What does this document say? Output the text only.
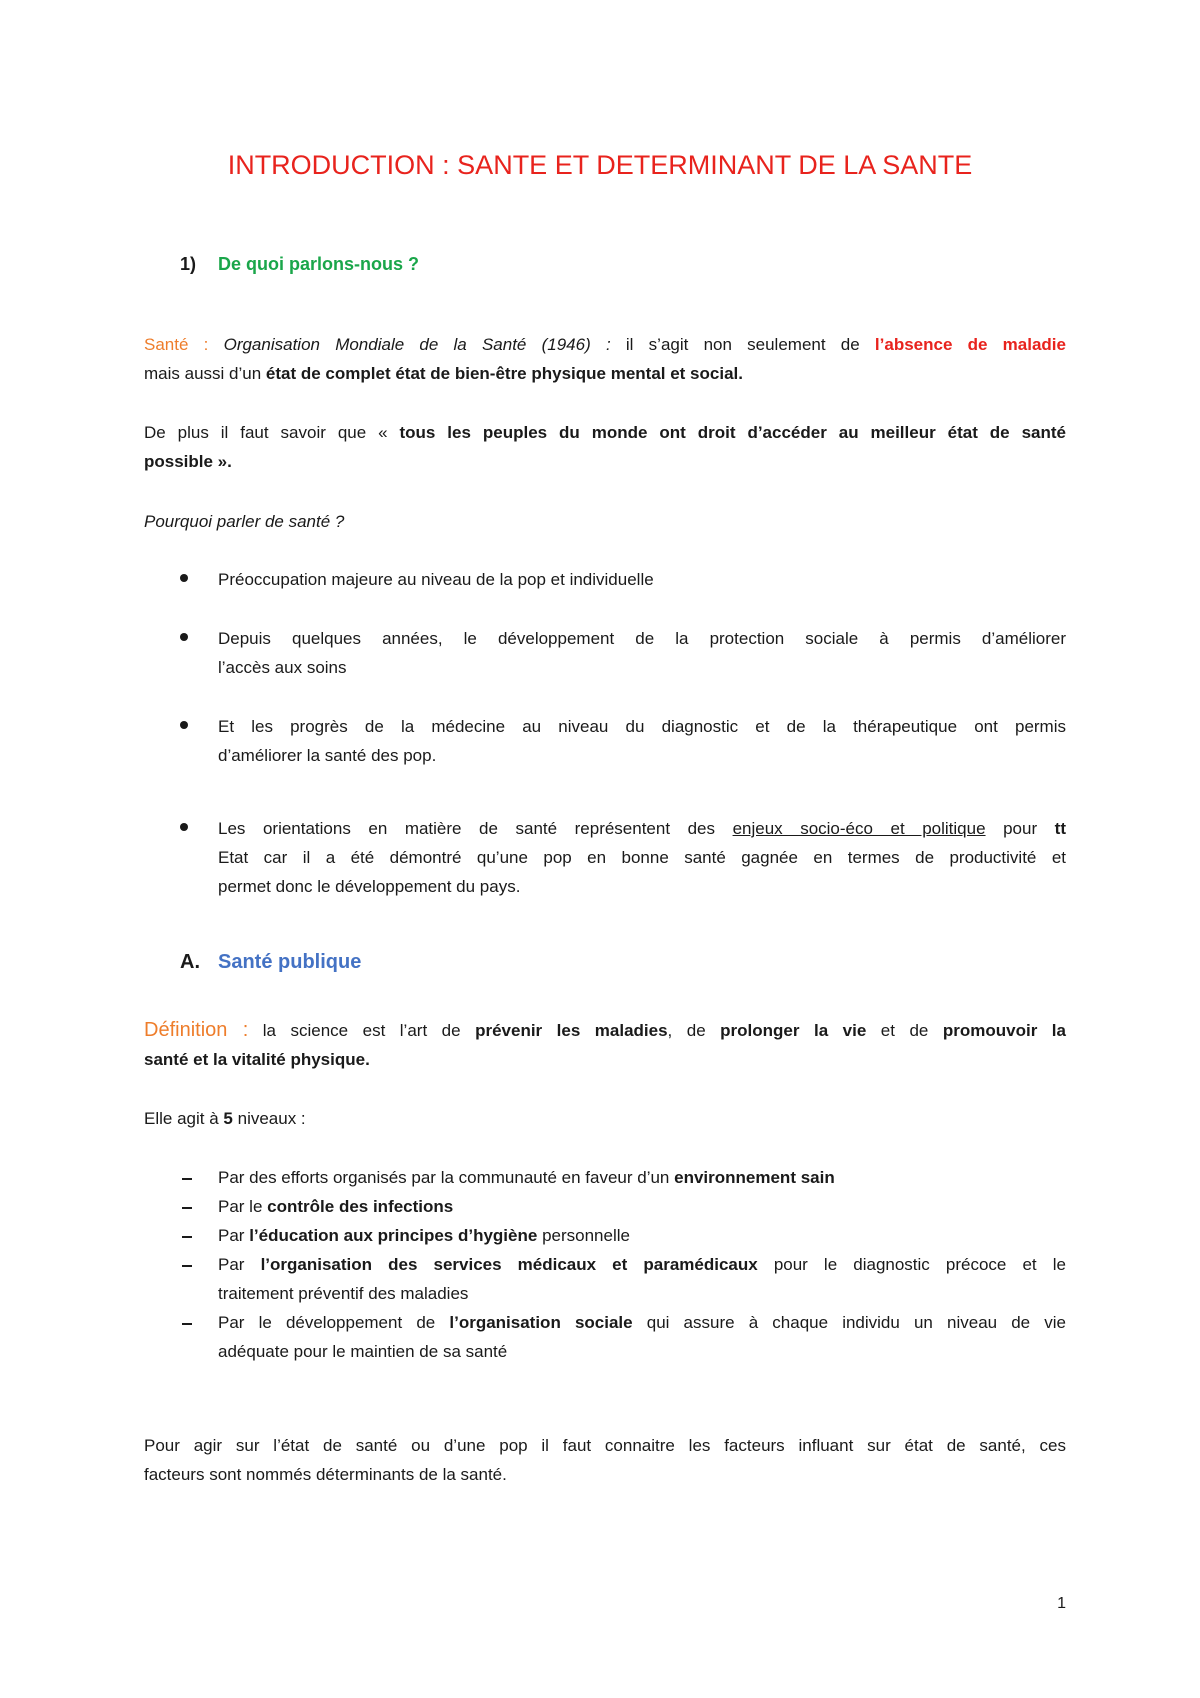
INTRODUCTION : SANTE ET DETERMINANT DE LA SANTE
1) De quoi parlons-nous ?
Santé : Organisation Mondiale de la Santé (1946) : il s’agit non seulement de l’absence de maladie
mais aussi d’un état de complet état de bien-être physique mental et social.
De plus il faut savoir que « tous les peuples du monde ont droit d’accéder au meilleur état de santé
possible ».
Pourquoi parler de santé ?
Préoccupation majeure au niveau de la pop et individuelle
Depuis quelques années, le développement de la protection sociale à permis d’améliorer
l’accès aux soins
Et les progrès de la médecine au niveau du diagnostic et de la thérapeutique ont permis
d’améliorer la santé des pop.
Les orientations en matière de santé représentent des enjeux socio-éco et politique pour tt
Etat car il a été démontré qu’une pop en bonne santé gagnée en termes de productivité et
permet donc le développement du pays.
A. Santé publique
Définition : la science est l’art de prévenir les maladies, de prolonger la vie et de promouvoir la
santé et la vitalité physique.
Elle agit à 5 niveaux :
Par des efforts organisés par la communauté en faveur d’un environnement sain
Par le contrôle des infections
Par l’éducation aux principes d’hygiène personnelle
Par l’organisation des services médicaux et paramédicaux pour le diagnostic précoce et le
traitement préventif des maladies
Par le développement de l’organisation sociale qui assure à chaque individu un niveau de vie
adéquate pour le maintien de sa santé
Pour agir sur l’état de santé ou d’une pop il faut connaitre les facteurs influant sur état de santé, ces
facteurs sont nommés déterminants de la santé.
1
